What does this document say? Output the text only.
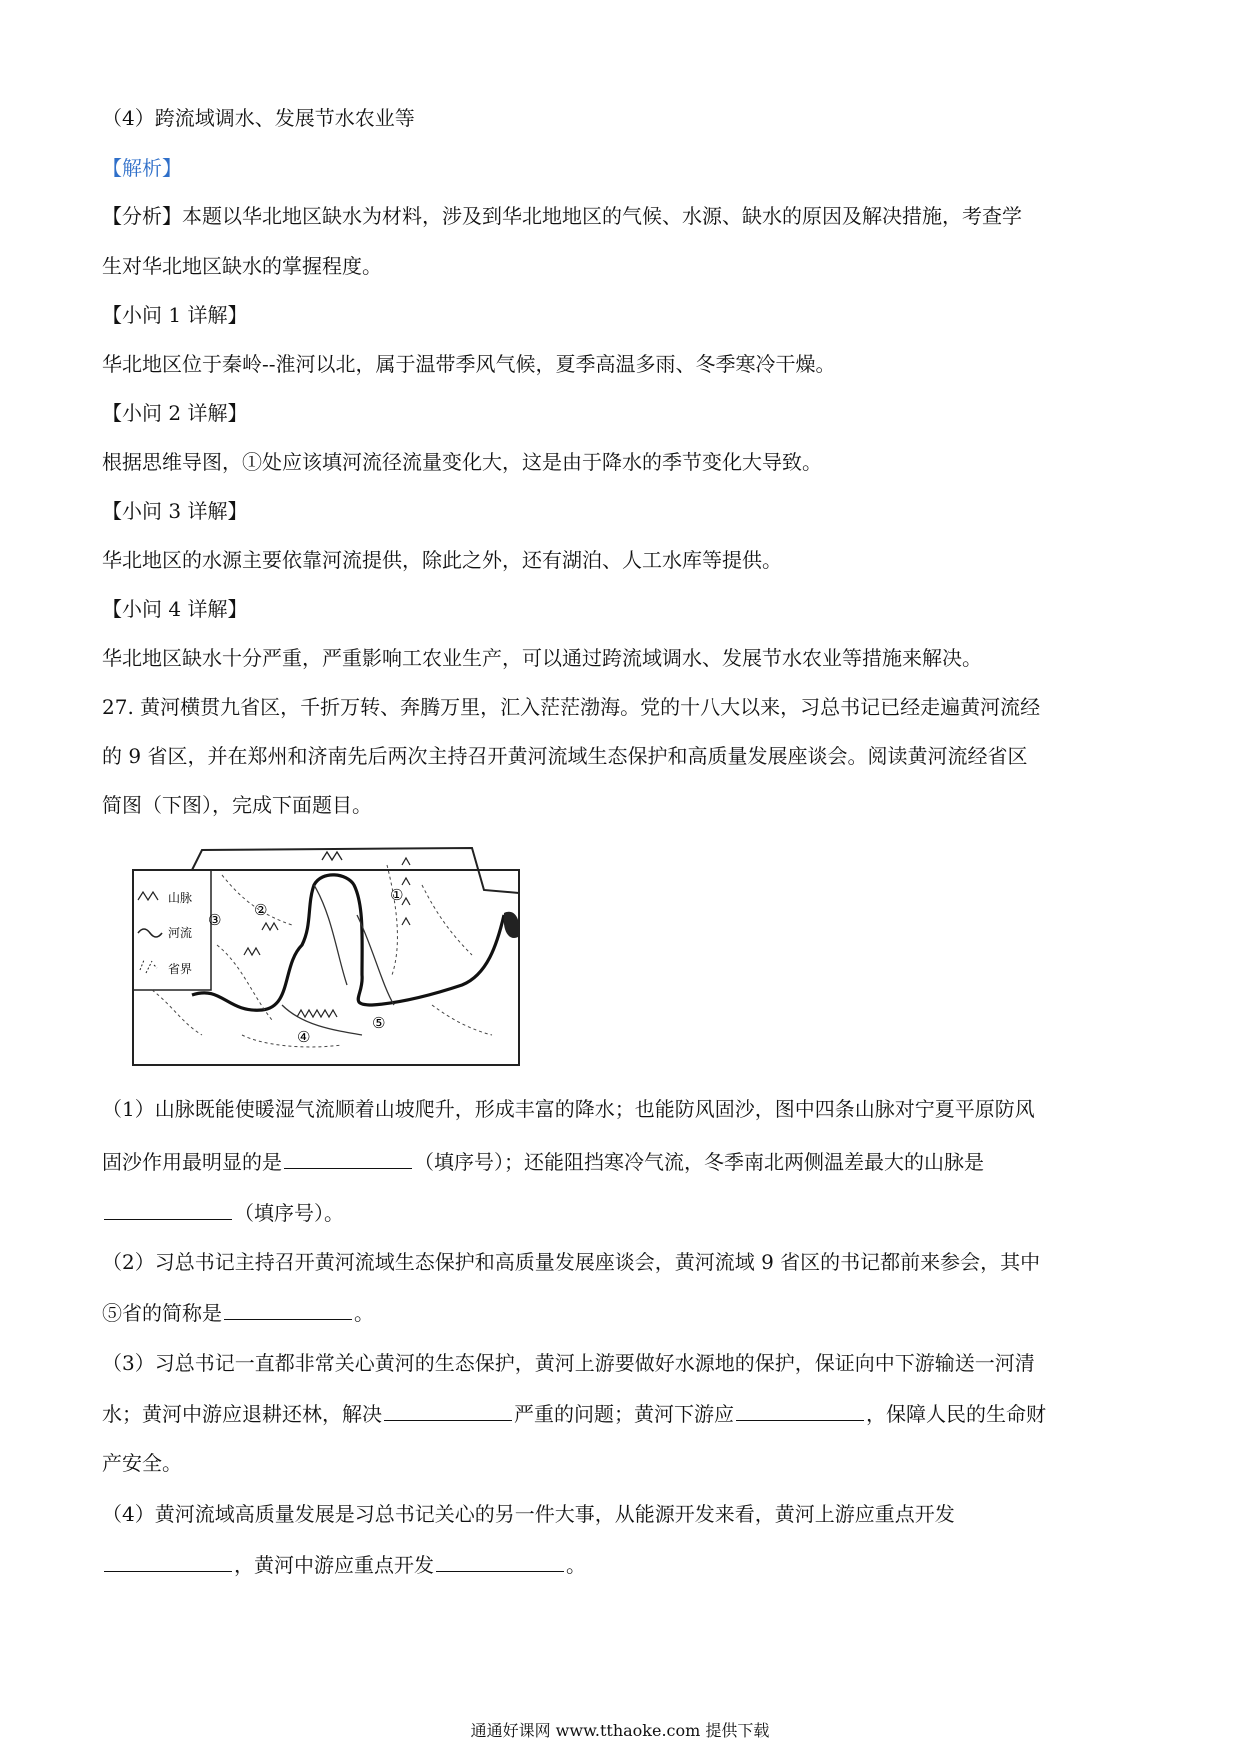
（4）跨流域调水、发展节水农业等
【解析】
【分析】本题以华北地区缺水为材料，涉及到华北地地区的气候、水源、缺水的原因及解决措施，考查学
生对华北地区缺水的掌握程度。
【小问 1 详解】
华北地区位于秦岭--淮河以北，属于温带季风气候，夏季高温多雨、冬季寒冷干燥。
【小问 2 详解】
根据思维导图，①处应该填河流径流量变化大，这是由于降水的季节变化大导致。
【小问 3 详解】
华北地区的水源主要依靠河流提供，除此之外，还有湖泊、人工水库等提供。
【小问 4 详解】
华北地区缺水十分严重，严重影响工农业生产，可以通过跨流域调水、发展节水农业等措施来解决。
27. 黄河横贯九省区，千折万转、奔腾万里，汇入茫茫渤海。党的十八大以来，习总书记已经走遍黄河流经
的 9 省区，并在郑州和济南先后两次主持召开黄河流域生态保护和高质量发展座谈会。阅读黄河流经省区
简图（下图），完成下面题目。
山脉
河流
省界
①
②
③
④
⑤
（1）山脉既能使暖湿气流顺着山坡爬升，形成丰富的降水；也能防风固沙，图中四条山脉对宁夏平原防风
固沙作用最明显的是	（填序号）；还能阻挡寒冷气流，冬季南北两侧温差最大的山脉是
（填序号）。
（2）习总书记主持召开黄河流域生态保护和高质量发展座谈会，黄河流域 9 省区的书记都前来参会，其中
⑤省的简称是	。
（3）习总书记一直都非常关心黄河的生态保护，黄河上游要做好水源地的保护，保证向中下游输送一河清
水；黄河中游应退耕还林，解决	严重的问题；黄河下游应	，保障人民的生命财
产安全。
（4）黄河流域高质量发展是习总书记关心的另一件大事，从能源开发来看，黄河上游应重点开发
，黄河中游应重点开发	。
通通好课网 www.tthaoke.com 提供下载
